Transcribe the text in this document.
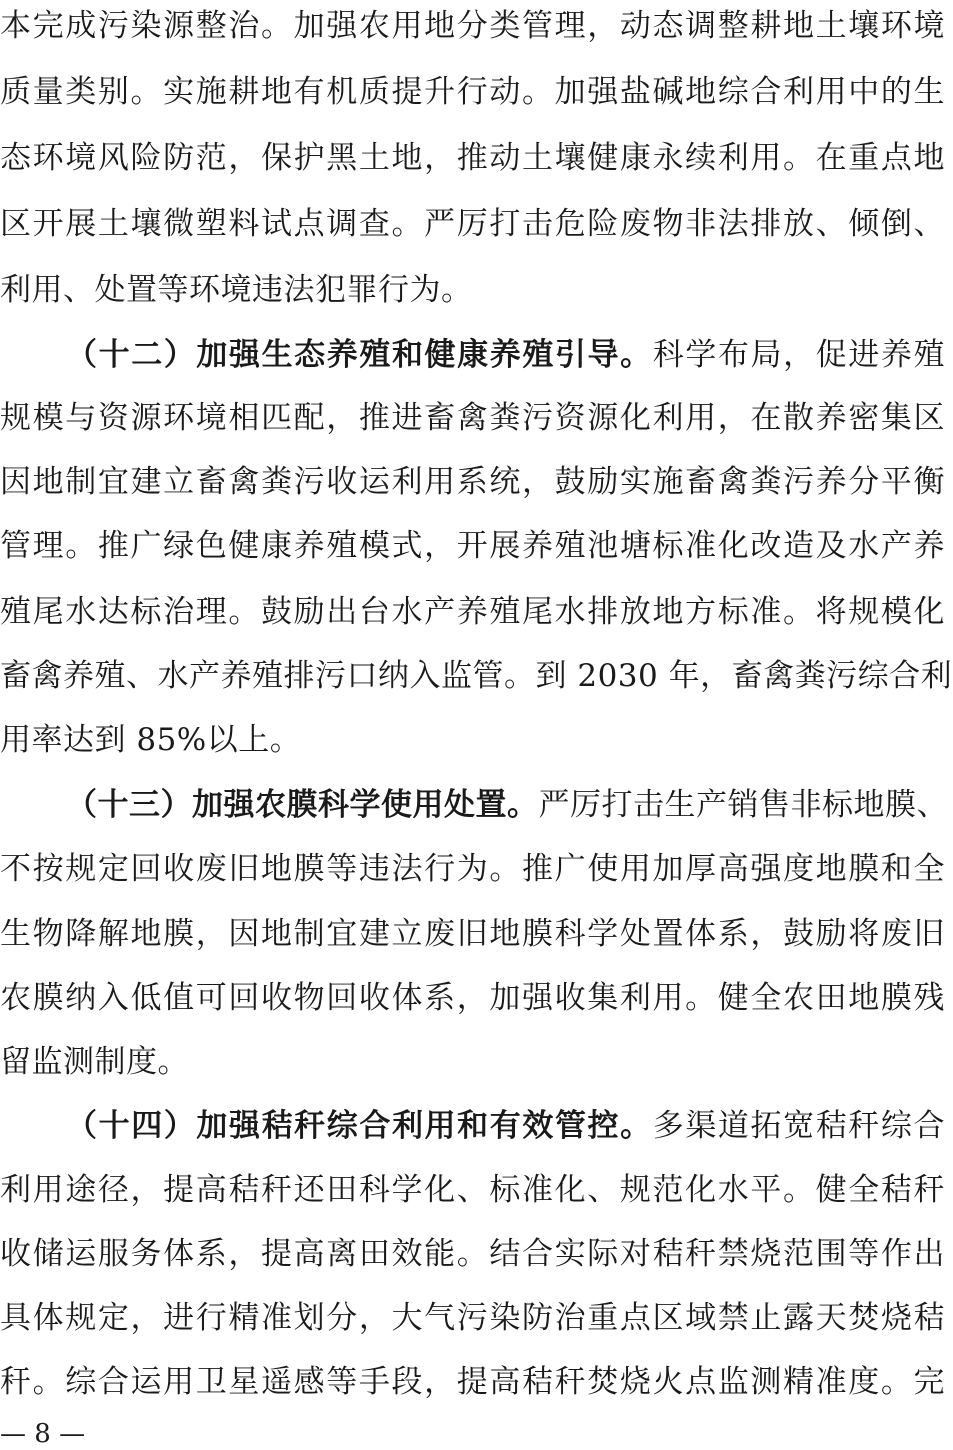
本完成污染源整治。加强农用地分类管理，动态调整耕地土壤环境
质量类别。实施耕地有机质提升行动。加强盐碱地综合利用中的生
态环境风险防范，保护黑土地，推动土壤健康永续利用。在重点地
区开展土壤微塑料试点调查。严厉打击危险废物非法排放、倾倒、
利用、处置等环境违法犯罪行为。
（十二）加强生态养殖和健康养殖引导。科学布局，促进养殖
规模与资源环境相匹配，推进畜禽粪污资源化利用，在散养密集区
因地制宜建立畜禽粪污收运利用系统，鼓励实施畜禽粪污养分平衡
管理。推广绿色健康养殖模式，开展养殖池塘标准化改造及水产养
殖尾水达标治理。鼓励出台水产养殖尾水排放地方标准。将规模化
畜禽养殖、水产养殖排污口纳入监管。到 2030 年，畜禽粪污综合利
用率达到 85%以上。
（十三）加强农膜科学使用处置。严厉打击生产销售非标地膜、
不按规定回收废旧地膜等违法行为。推广使用加厚高强度地膜和全
生物降解地膜，因地制宜建立废旧地膜科学处置体系，鼓励将废旧
农膜纳入低值可回收物回收体系，加强收集利用。健全农田地膜残
留监测制度。
（十四）加强秸秆综合利用和有效管控。多渠道拓宽秸秆综合
利用途径，提高秸秆还田科学化、标准化、规范化水平。健全秸秆
收储运服务体系，提高离田效能。结合实际对秸秆禁烧范围等作出
具体规定，进行精准划分，大气污染防治重点区域禁止露天焚烧秸
秆。综合运用卫星遥感等手段，提高秸秆焚烧火点监测精准度。完
— 8 —
